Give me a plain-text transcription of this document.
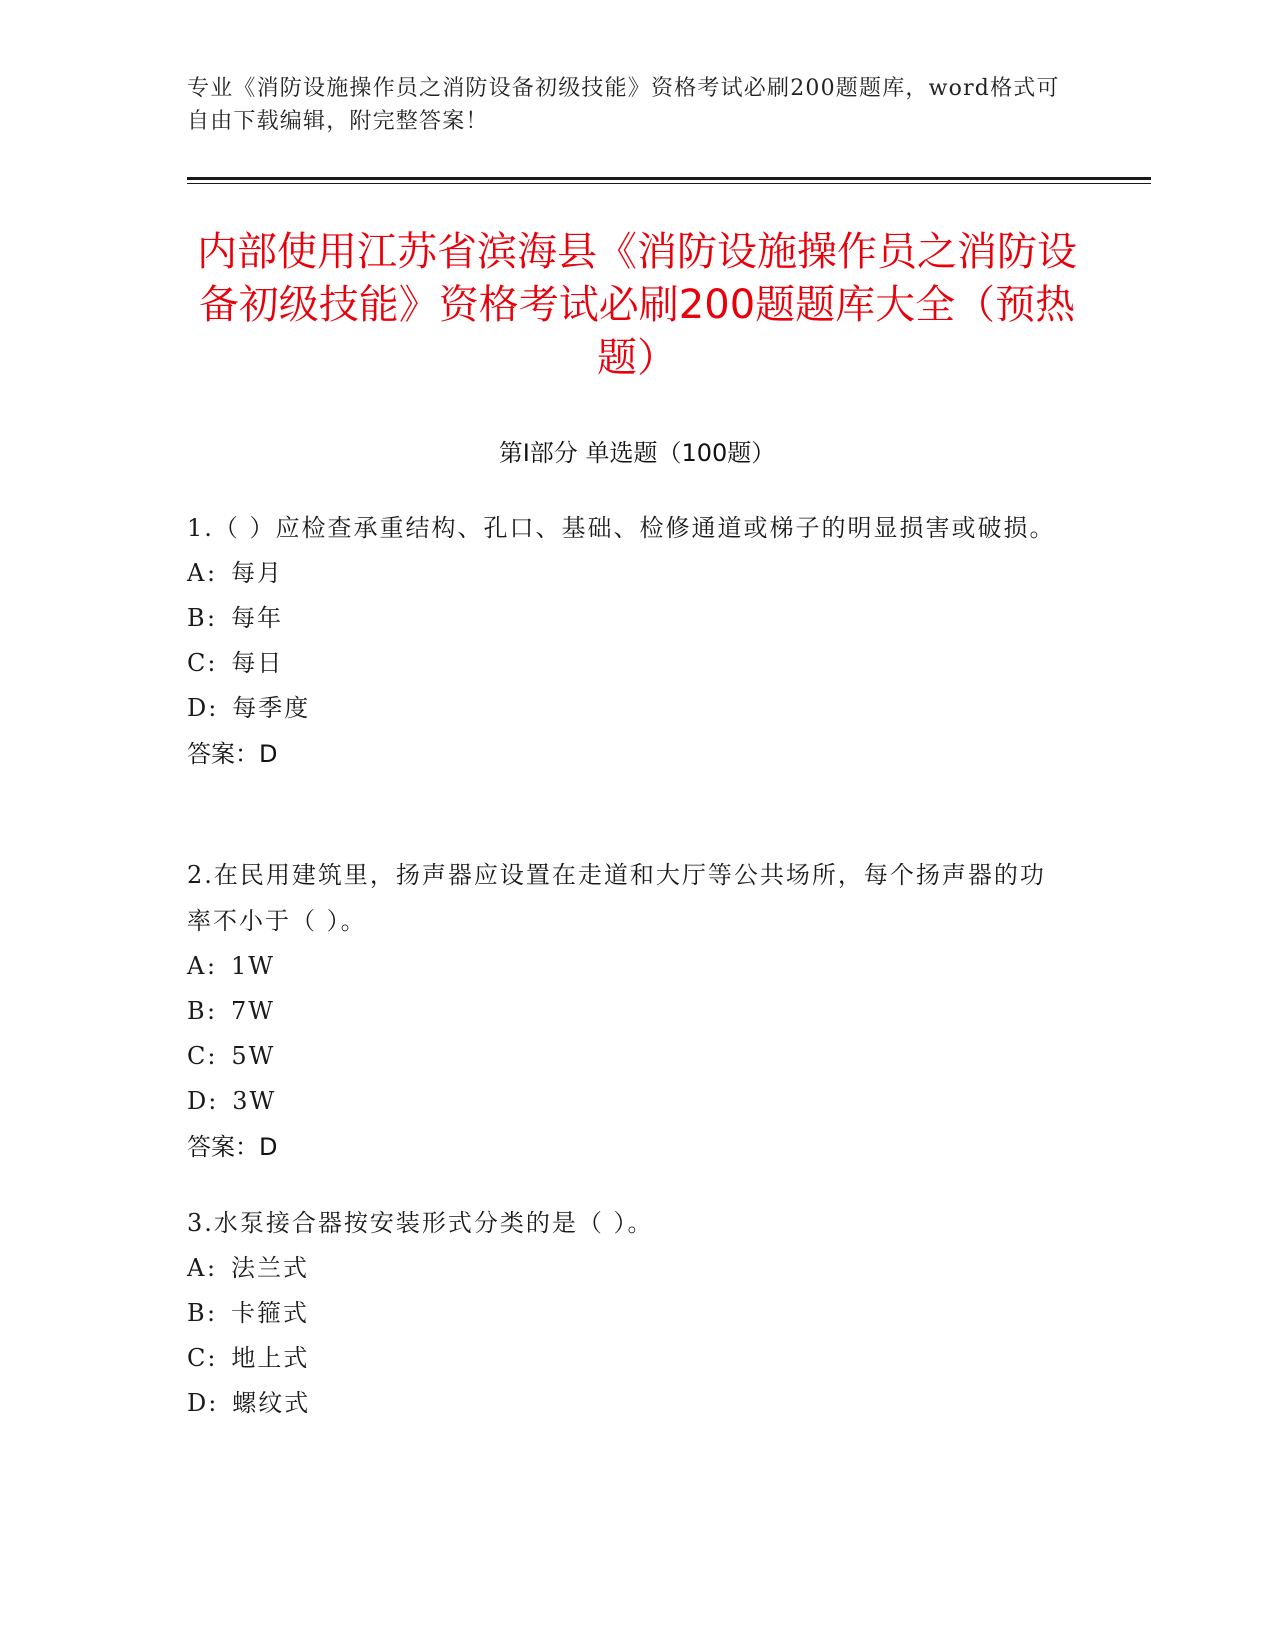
专业《消防设施操作员之消防设备初级技能》资格考试必刷200题题库，word格式可自由下载编辑，附完整答案！
内部使用江苏省滨海县《消防设施操作员之消防设备初级技能》资格考试必刷200题题库大全（预热题）
第Ⅰ部分 单选题（100题）
1.（ ）应检查承重结构、孔口、基础、检修通道或梯子的明显损害或破损。
A: 每月
B: 每年
C: 每日
D: 每季度
答案：D
2.在民用建筑里，扬声器应设置在走道和大厅等公共场所，每个扬声器的功率不小于（ ）。
A: 1W
B: 7W
C: 5W
D: 3W
答案：D
3.水泵接合器按安装形式分类的是（ ）。
A: 法兰式
B: 卡箍式
C: 地上式
D: 螺纹式
